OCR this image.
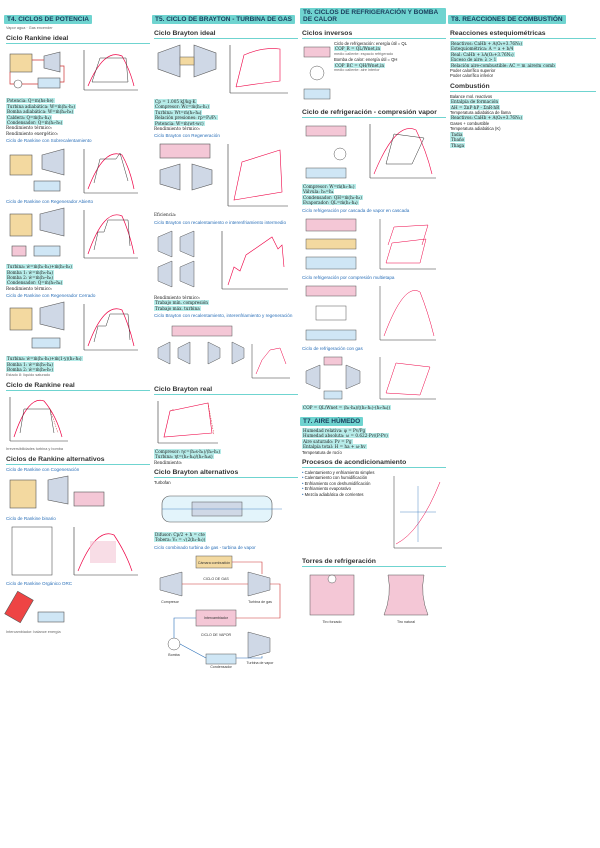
T4. CICLOS DE POTENCIA
Vapor agua · Gas encender
Ciclo Rankine ideal
Potencia: Q̇=m(hs-he)
Turbina adiabática: Ẇ=ṁ(h₁-h₂)
Bomba adiabática: Ẇ=ṁ(h₄-h₃)
Caldera: Q̇=ṁ(h₁-h₄)
Condensador: Q̇=ṁ(h₂-h₃)
Rendimiento térmico:
Rendimiento exergético:
Ciclo de Rankine con Sobrecalentamiento
Ciclo de Rankine con Regenerador Abierto
Turbina: ẇ=ṁ(h₁-h₂)+ṁ(h₂-h₃)
Bomba 1: ẇ=ṁ(h₅-h₄)
Bomba 2: ẇ=ṁ(h₇-h₆)
Condensador: Q̇=ṁ(h₃-h₄)
Rendimiento térmico:
Ciclo de Rankine con Regenerador Cerrado
Turbina: ẇ=ṁ(h₁-h₂)+ṁ(1-y)(h₂-h₃)
Bomba 1: ẇ=ṁ(h₅-h₄)
Bomba 2: ẇ=ṁ(h₈-h₇)
Estado 8: líquido saturado
Ciclo de Rankine real
Irreversibilidades turbina y bomba
Ciclos de Rankine alternativos
Ciclo de Rankine con Cogeneración
Ciclo de Rankine binario
Ciclo de Rankine Orgánico ORC
Intercambiador: balance energía
T5. CICLO DE BRAYTON - TURBINA DE GAS
Ciclo Brayton ideal
Cp = 1.005 kJ/kg·K
Compresor: Ẇc=ṁ(h₂-h₁)
Turbina: Ẇt=ṁ(h₃-h₄)
Relación presiones: rp=P₂/P₁
Potencia: Ẇ=ṁ(wt-wc)
Rendimiento térmico:
Ciclo Brayton con Regeneración
Eficiencia:
Ciclo Brayton con recalentamiento e interenfriamiento intermedio
Rendimiento térmico:
Trabajo mín. compresión
Trabajo máx. turbina
Ciclo Brayton con recalentamiento, interenfriamiento y regeneración
Ciclo Brayton real
Compresor: ηc=(h₂s-h₁)/(h₂-h₁)
Turbina: ηt=(h₃-h₄)/(h₃-h₄s)
Rendimiento:
Ciclo Brayton alternativos
Turbofan
Difusor: Cp/2 + h = cte
Tobera: V₂ = √(2(h₁-h₂))
Ciclo combinado turbina de gas - turbina de vapor
Cámara combustión
Compresor	Turbina de gas
CICLO DE GAS
Intercambiador
CICLO DE VAPOR
Bomba
Turbina de vapor
Condensador
T6. CICLOS DE REFRIGERACIÓN Y BOMBA DE CALOR
Ciclos inversos
Ciclo de refrigeración: energía útil = QL
COP_R = QL/Wnet,in
medio caliente: espacio refrigerado
Bomba de calor: energía útil = QH
COP_BC = QH/Wnet,in
medio caliente: aire interior
Ciclo de refrigeración - compresión vapor
Compresor: Ẇ=ṁ(h₂-h₁)
Válvula: h₃=h₄
Condensador: Q̇H=ṁ(h₂-h₃)
Evaporador: Q̇L=ṁ(h₁-h₄)
Ciclo refrigeración por cascada de vapor en cascada
Ciclo refrigeración por compresión multietapa
Ciclo de refrigeración con gas
COP = QL/Wnet = (h₁-h₄)/((h₂-h₁)-(h₃-h₄))
T7. AIRE HÚMEDO
Humedad relativa: φ = Pv/Pg
Humedad absoluta: ω = 0.622·Pv/(P-Pv)
Aire saturado: Pv = Pg
Entalpía total: H = ha + ω·hv
Temperatura de rocío
Procesos de acondicionamiento
• Calentamiento y enfriamiento simples
• Calentamiento con humidificación
• Enfriamiento con deshumidificación
• Enfriamiento evaporativo
• Mezcla adiabática de corrientes
Torres de refrigeración
Tiro forzado	Tiro natural
T8. REACCIONES DE COMBUSTIÓN
Reacciones estequiométricas
Reactivos: CaHb + A(O₂+3.76N₂)
Estequiométrica: A = a + b/4
Real: CaHb + λA(O₂+3.76N₂)
Exceso de aire: λ > 1
Relación aire-combustible: AC = m_aire/m_comb
Poder calorífico superior
Poder calorífico inferior
Combustión
Balance mol. reactivos
Entalpía de formación
ΔH = ΣnP·hP - ΣnR·hR
Temperatura adiabática de llama
Reactivos: CaHb + A(O₂+3.76N₂)
Gases + combustible
Temperatura adiabática (K)
Tadia
Tbaño
Thaga
